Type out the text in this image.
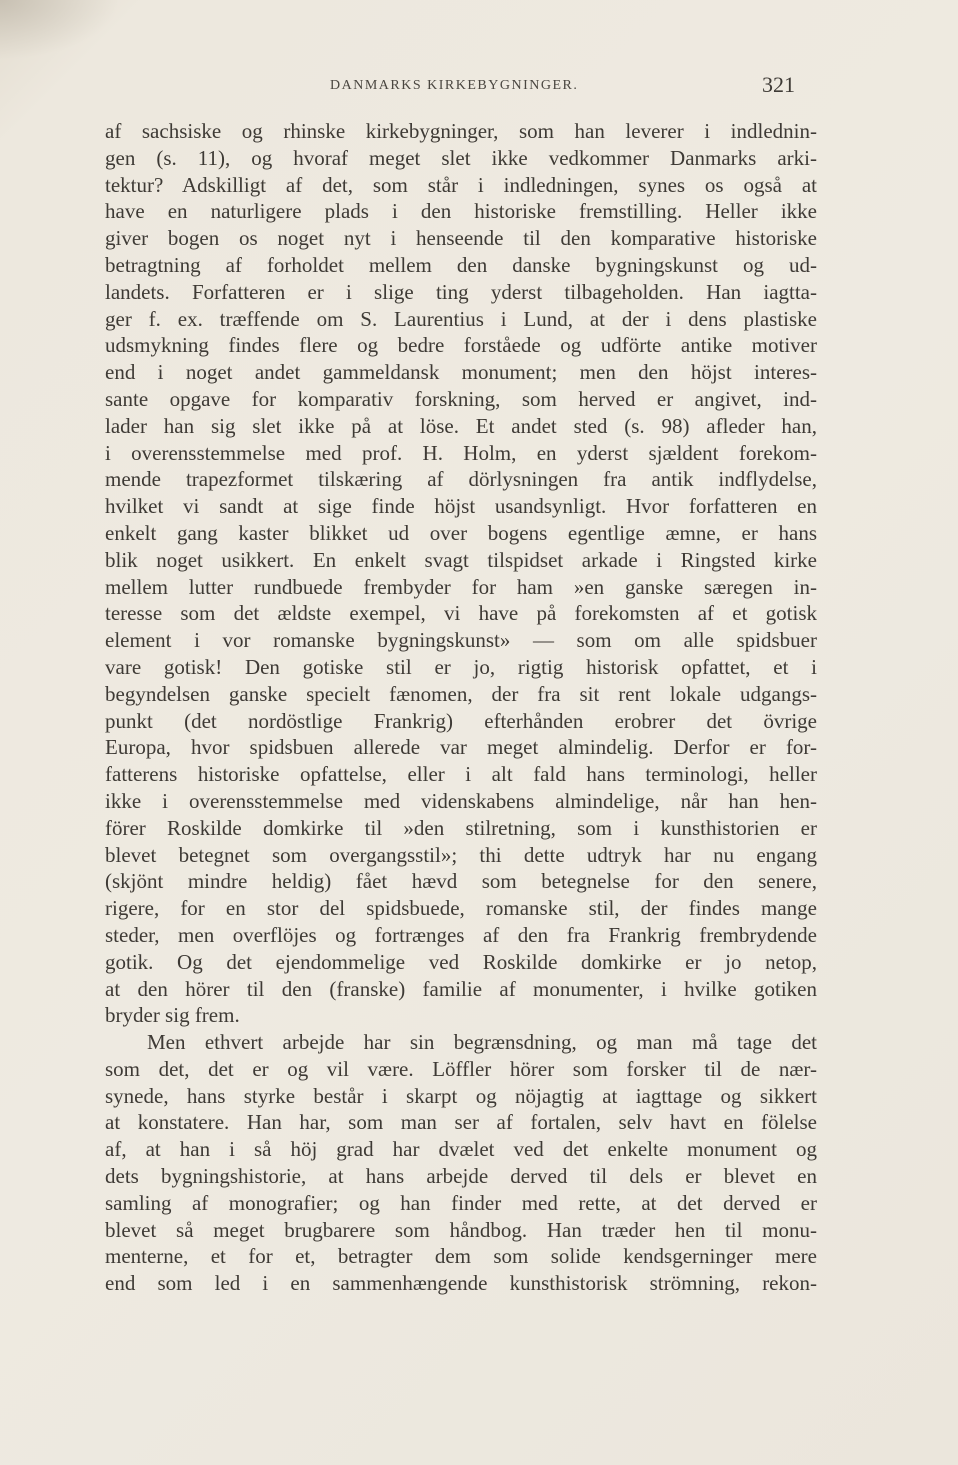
DANMARKS KIRKEBYGNINGER.	321
af sachsiske og rhinske kirkebygninger, som han leverer i indlednin-
gen (s. 11), og hvoraf meget slet ikke vedkommer Danmarks arki-
tektur? Adskilligt af det, som står i indledningen, synes os også at
have en naturligere plads i den historiske fremstilling. Heller ikke
giver bogen os noget nyt i henseende til den komparative historiske
betragtning af forholdet mellem den danske bygningskunst og ud-
landets. Forfatteren er i slige ting yderst tilbageholden. Han iagtta-
ger f. ex. træffende om S. Laurentius i Lund, at der i dens plastiske
udsmykning findes flere og bedre forståede og udförte antike motiver
end i noget andet gammeldansk monument; men den höjst interes-
sante opgave for komparativ forskning, som herved er angivet, ind-
lader han sig slet ikke på at löse. Et andet sted (s. 98) afleder han,
i overensstemmelse med prof. H. Holm, en yderst sjældent forekom-
mende trapezformet tilskæring af dörlysningen fra antik indflydelse,
hvilket vi sandt at sige finde höjst usandsynligt. Hvor forfatteren en
enkelt gang kaster blikket ud over bogens egentlige æmne, er hans
blik noget usikkert. En enkelt svagt tilspidset arkade i Ringsted kirke
mellem lutter rundbuede frembyder for ham »en ganske særegen in-
teresse som det ældste exempel, vi have på forekomsten af et gotisk
element i vor romanske bygningskunst» — som om alle spidsbuer
vare gotisk! Den gotiske stil er jo, rigtig historisk opfattet, et i
begyndelsen ganske specielt fænomen, der fra sit rent lokale udgangs-
punkt (det nordöstlige Frankrig) efterhånden erobrer det övrige
Europa, hvor spidsbuen allerede var meget almindelig. Derfor er for-
fatterens historiske opfattelse, eller i alt fald hans terminologi, heller
ikke i overensstemmelse med videnskabens almindelige, når han hen-
förer Roskilde domkirke til »den stilretning, som i kunsthistorien er
blevet betegnet som overgangsstil»; thi dette udtryk har nu engang
(skjönt mindre heldig) fået hævd som betegnelse for den senere,
rigere, for en stor del spidsbuede, romanske stil, der findes mange
steder, men overflöjes og fortrænges af den fra Frankrig frembrydende
gotik. Og det ejendommelige ved Roskilde domkirke er jo netop,
at den hörer til den (franske) familie af monumenter, i hvilke gotiken
bryder sig frem.
Men ethvert arbejde har sin begrænsdning, og man må tage det
som det, det er og vil være. Löffler hörer som forsker til de nær-
synede, hans styrke består i skarpt og nöjagtig at iagttage og sikkert
at konstatere. Han har, som man ser af fortalen, selv havt en fölelse
af, at han i så höj grad har dvælet ved det enkelte monument og
dets bygningshistorie, at hans arbejde derved til dels er blevet en
samling af monografier; og han finder med rette, at det derved er
blevet så meget brugbarere som håndbog. Han træder hen til monu-
menterne, et for et, betragter dem som solide kendsgerninger mere
end som led i en sammenhængende kunsthistorisk strömning, rekon-
